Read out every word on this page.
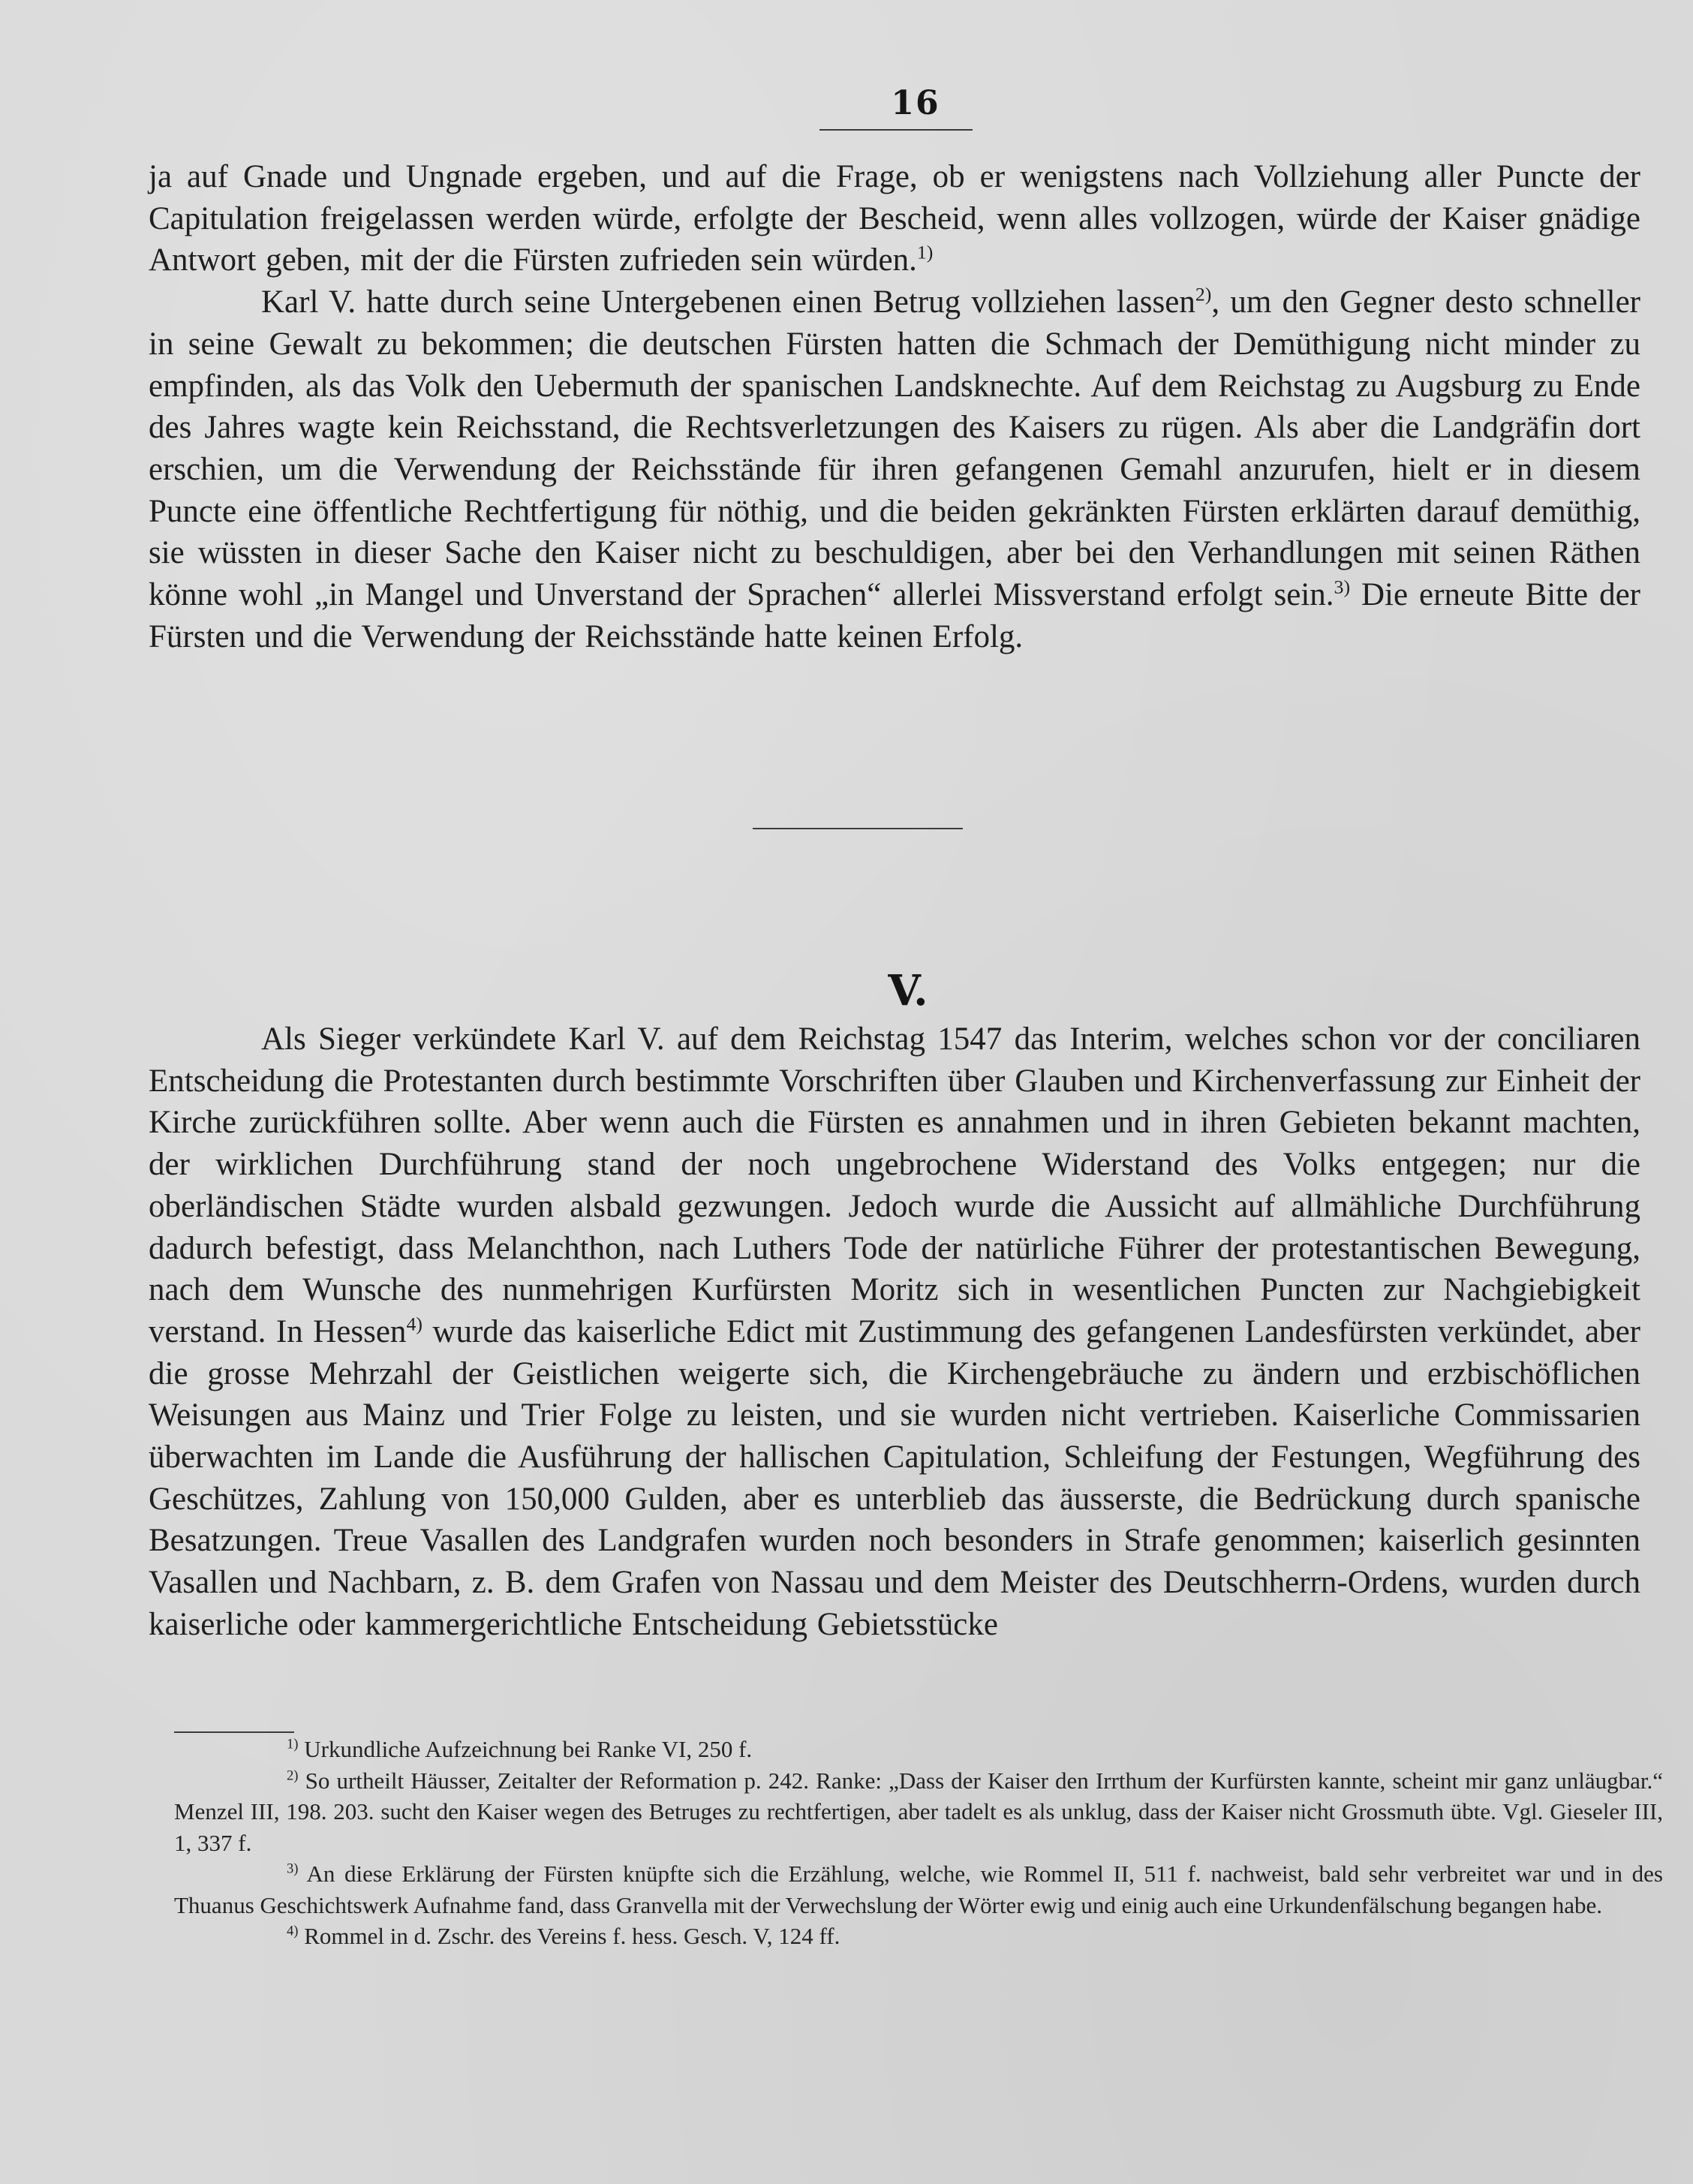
16

ja auf Gnade und Ungnade ergeben, und auf die Frage, ob er wenigstens nach Vollziehung aller Puncte der Capitulation freigelassen werden würde, erfolgte der Bescheid, wenn alles vollzogen, würde der Kaiser gnädige Antwort geben, mit der die Fürsten zufrieden sein würden.$^{1)}$

Karl V. hatte durch seine Untergebenen einen Betrug vollziehen lassen$^{2)}$, um den Gegner desto schneller in seine Gewalt zu bekommen; die deutschen Fürsten hatten die Schmach der Demüthigung nicht minder zu empfinden, als das Volk den Uebermuth der spanischen Landsknechte. Auf dem Reichstag zu Augsburg zu Ende des Jahres wagte kein Reichsstand, die Rechtsverletzungen des Kaisers zu rügen. Als aber die Landgräfin dort erschien, um die Verwendung der Reichsstände für ihren gefangenen Gemahl anzurufen, hielt er in diesem Puncte eine öffentliche Rechtfertigung für nöthig, und die beiden gekränkten Fürsten erklärten darauf demüthig, sie wüssten in dieser Sache den Kaiser nicht zu beschuldigen, aber bei den Verhandlungen mit seinen Räthen könne wohl „in Mangel und Unverstand der Sprachen“ allerlei Missverstand erfolgt sein.$^{3)}$ Die erneute Bitte der Fürsten und die Verwendung der Reichsstände hatte keinen Erfolg.

V.

Als Sieger verkündete Karl V. auf dem Reichstag 1547 das Interim, welches schon vor der conciliaren Entscheidung die Protestanten durch bestimmte Vorschriften über Glauben und Kirchenverfassung zur Einheit der Kirche zurückführen sollte. Aber wenn auch die Fürsten es annahmen und in ihren Gebieten bekannt machten, der wirklichen Durchführung stand der noch ungebrochene Widerstand des Volks entgegen; nur die oberländischen Städte wurden alsbald gezwungen. Jedoch wurde die Aussicht auf allmähliche Durchführung dadurch befestigt, dass Melanchthon, nach Luthers Tode der natürliche Führer der protestantischen Bewegung, nach dem Wunsche des nunmehrigen Kurfürsten Moritz sich in wesentlichen Puncten zur Nachgiebigkeit verstand. In Hessen$^{4)}$ wurde das kaiserliche Edict mit Zustimmung des gefangenen Landesfürsten verkündet, aber die grosse Mehrzahl der Geistlichen weigerte sich, die Kirchengebräuche zu ändern und erzbischöflichen Weisungen aus Mainz und Trier Folge zu leisten, und sie wurden nicht vertrieben. Kaiserliche Commissarien überwachten im Lande die Ausführung der hallischen Capitulation, Schleifung der Festungen, Wegführung des Geschützes, Zahlung von 150,000 Gulden, aber es unterblieb das äusserste, die Bedrückung durch spanische Besatzungen. Treue Vasallen des Landgrafen wurden noch besonders in Strafe genommen; kaiserlich gesinnten Vasallen und Nachbarn, z. B. dem Grafen von Nassau und dem Meister des Deutschherrn-Ordens, wurden durch kaiserliche oder kammergerichtliche Entscheidung Gebietsstücke

$^{1)}$ Urkundliche Aufzeichnung bei Ranke VI, 250 f.

$^{2)}$ So urtheilt Häusser, Zeitalter der Reformation p. 242. Ranke: „Dass der Kaiser den Irrthum der Kurfürsten kannte, scheint mir ganz unläugbar.“ Menzel III, 198. 203. sucht den Kaiser wegen des Betruges zu rechtfertigen, aber tadelt es als unklug, dass der Kaiser nicht Grossmuth übte. Vgl. Gieseler III, 1, 337 f.

$^{3)}$ An diese Erklärung der Fürsten knüpfte sich die Erzählung, welche, wie Rommel II, 511 f. nachweist, bald sehr verbreitet war und in des Thuanus Geschichtswerk Aufnahme fand, dass Granvella mit der Verwechslung der Wörter ewig und einig auch eine Urkundenfälschung begangen habe.

$^{4)}$ Rommel in d. Zschr. des Vereins f. hess. Gesch. V, 124 ff.
